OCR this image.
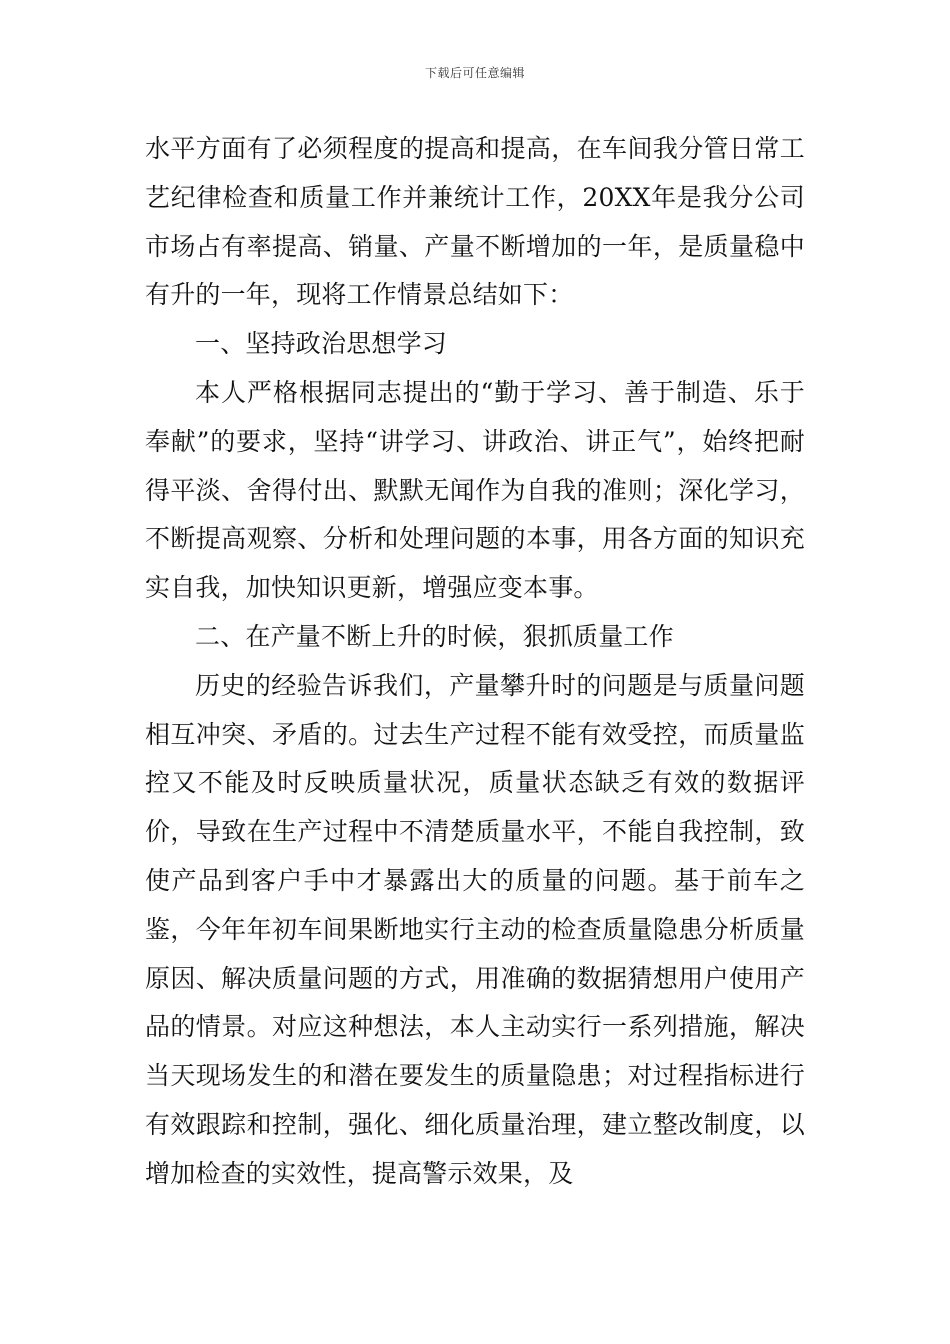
下载后可任意编辑

水平方面有了必须程度的提高和提高，在车间我分管日常工艺纪律检查和质量工作并兼统计工作，20XX年是我分公司市场占有率提高、销量、产量不断增加的一年，是质量稳中有升的一年，现将工作情景总结如下：

一、坚持政治思想学习

本人严格根据同志提出的“勤于学习、善于制造、乐于奉献”的要求，坚持“讲学习、讲政治、讲正气”，始终把耐得平淡、舍得付出、默默无闻作为自我的准则；深化学习，不断提高观察、分析和处理问题的本事，用各方面的知识充实自我，加快知识更新，增强应变本事。

二、在产量不断上升的时候，狠抓质量工作

历史的经验告诉我们，产量攀升时的问题是与质量问题相互冲突、矛盾的。过去生产过程不能有效受控，而质量监控又不能及时反映质量状况，质量状态缺乏有效的数据评价，导致在生产过程中不清楚质量水平，不能自我控制，致使产品到客户手中才暴露出大的质量的问题。基于前车之鉴，今年年初车间果断地实行主动的检查质量隐患分析质量原因、解决质量问题的方式，用准确的数据猜想用户使用产品的情景。对应这种想法，本人主动实行一系列措施，解决当天现场发生的和潜在要发生的质量隐患；对过程指标进行有效跟踪和控制，强化、细化质量治理，建立整改制度，以增加检查的实效性，提高警示效果，及
